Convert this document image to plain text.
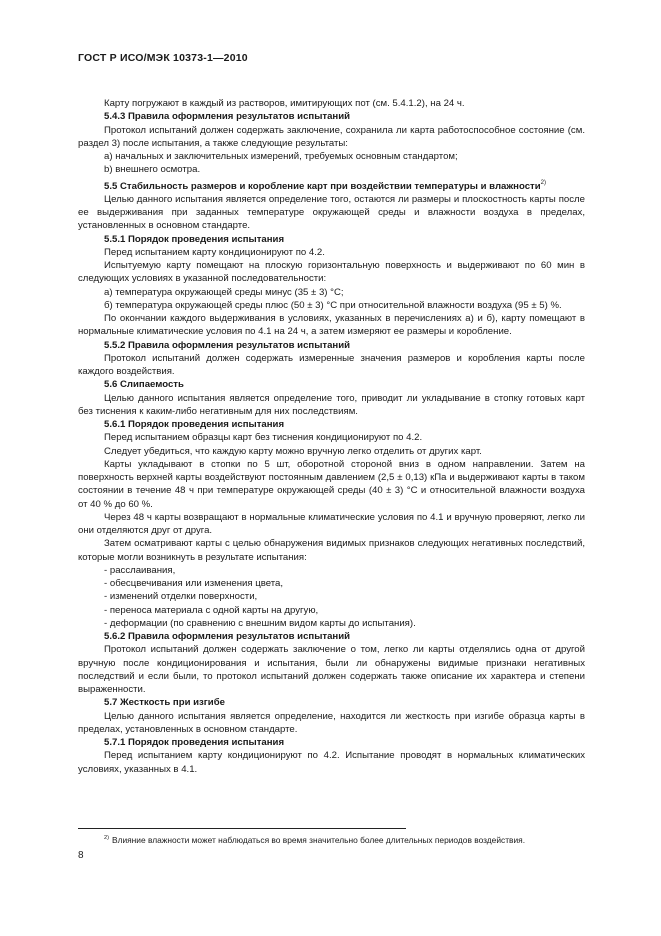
ГОСТ Р ИСО/МЭК 10373-1—2010

Карту погружают в каждый из растворов, имитирующих пот (см. 5.4.1.2), на 24 ч.

5.4.3 Правила оформления результатов испытаний

Протокол испытаний должен содержать заключение, сохранила ли карта работоспособное состояние (см. раздел 3) после испытания, а также следующие результаты:

a) начальных и заключительных измерений, требуемых основным стандартом;

b) внешнего осмотра.

5.5 Стабильность размеров и коробление карт при воздействии температуры и влажности$^{2)}$

Целью данного испытания является определение того, остаются ли размеры и плоскостность карты после ее выдерживания при заданных температуре окружающей среды и влажности воздуха в пределах, установленных в основном стандарте.

5.5.1 Порядок проведения испытания

Перед испытанием карту кондиционируют по 4.2.

Испытуемую карту помещают на плоскую горизонтальную поверхность и выдерживают по 60 мин в следующих условиях в указанной последовательности:

а) температура окружающей среды минус (35 ± 3) °С;

б) температура окружающей среды плюс (50 ± 3) °С при относительной влажности воздуха (95 ± 5) %.

По окончании каждого выдерживания в условиях, указанных в перечислениях а) и б), карту помещают в нормальные климатические условия по 4.1 на 24 ч, а затем измеряют ее размеры и коробление.

5.5.2 Правила оформления результатов испытаний

Протокол испытаний должен содержать измеренные значения размеров и коробления карты после каждого воздействия.

5.6 Слипаемость

Целью данного испытания является определение того, приводит ли укладывание в стопку готовых карт без тиснения к каким-либо негативным для них последствиям.

5.6.1 Порядок проведения испытания

Перед испытанием образцы карт без тиснения кондиционируют по 4.2.

Следует убедиться, что каждую карту можно вручную легко отделить от других карт.

Карты укладывают в стопки по 5 шт, оборотной стороной вниз в одном направлении. Затем на поверхность верхней карты воздействуют постоянным давлением (2,5 ± 0,13) кПа и выдерживают карты в таком состоянии в течение 48 ч при температуре окружающей среды (40 ± 3) °С и относительной влажности воздуха от 40 % до 60 %.

Через 48 ч карты возвращают в нормальные климатические условия по 4.1 и вручную проверяют, легко ли они отделяются друг от друга.

Затем осматривают карты с целью обнаружения видимых признаков следующих негативных последствий, которые могли возникнуть в результате испытания:

- расслаивания,

- обесцвечивания или изменения цвета,

- изменений отделки поверхности,

- переноса материала с одной карты на другую,

- деформации (по сравнению с внешним видом карты до испытания).

5.6.2 Правила оформления результатов испытаний

Протокол испытаний должен содержать заключение о том, легко ли карты отделялись одна от другой вручную после кондиционирования и испытания, были ли обнаружены видимые признаки негативных последствий и если были, то протокол испытаний должен содержать также описание их характера и степени выраженности.

5.7 Жесткость при изгибе

Целью данного испытания является определение, находится ли жесткость при изгибе образца карты в пределах, установленных в основном стандарте.

5.7.1 Порядок проведения испытания

Перед испытанием карту кондиционируют по 4.2. Испытание проводят в нормальных климатических условиях, указанных в 4.1.

$^{2)}$ Влияние влажности может наблюдаться во время значительно более длительных периодов воздействия.
8
